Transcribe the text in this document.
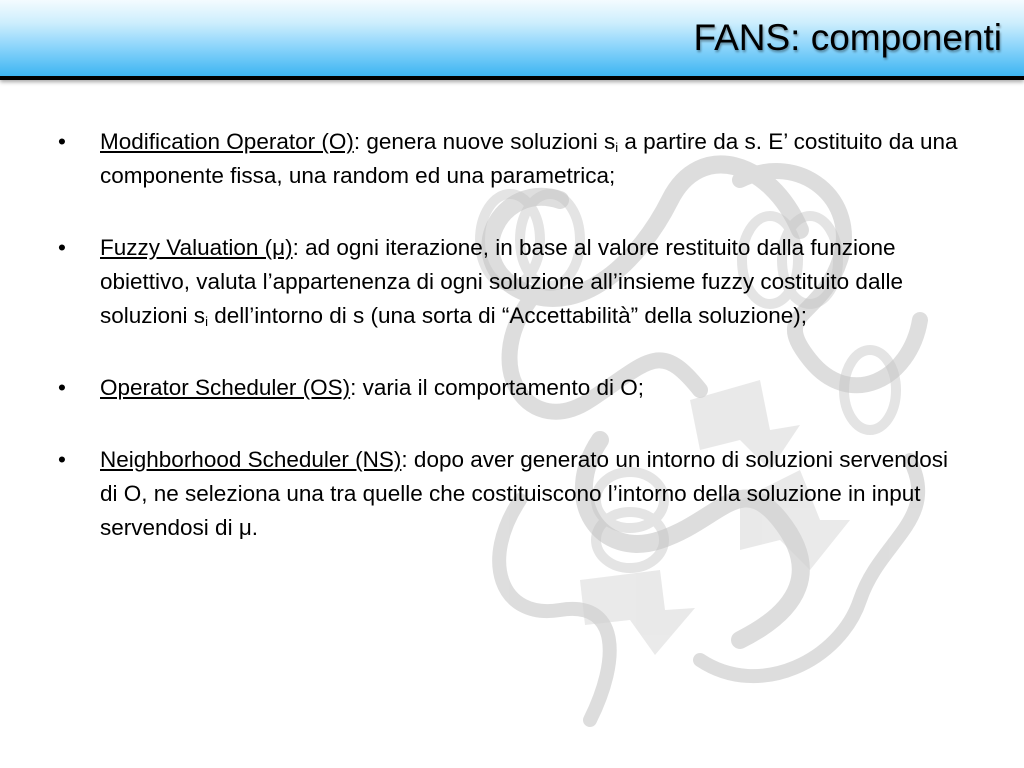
FANS: componenti
• Modification Operator (O): genera nuove soluzioni $s_i$ a partire da s. E’ costituito da una componente fissa, una random ed una parametrica;
• Fuzzy Valuation (μ): ad ogni iterazione, in base al valore restituito dalla funzione obiettivo, valuta l’appartenenza di ogni soluzione all’insieme fuzzy costituito dalle soluzioni $s_i$ dell’intorno di s (una sorta di “Accettabilità” della soluzione);
• Operator Scheduler (OS): varia il comportamento di O;
• Neighborhood Scheduler (NS): dopo aver generato un intorno di soluzioni servendosi di O, ne seleziona una tra quelle che costituiscono l’intorno della soluzione in input servendosi di μ.
